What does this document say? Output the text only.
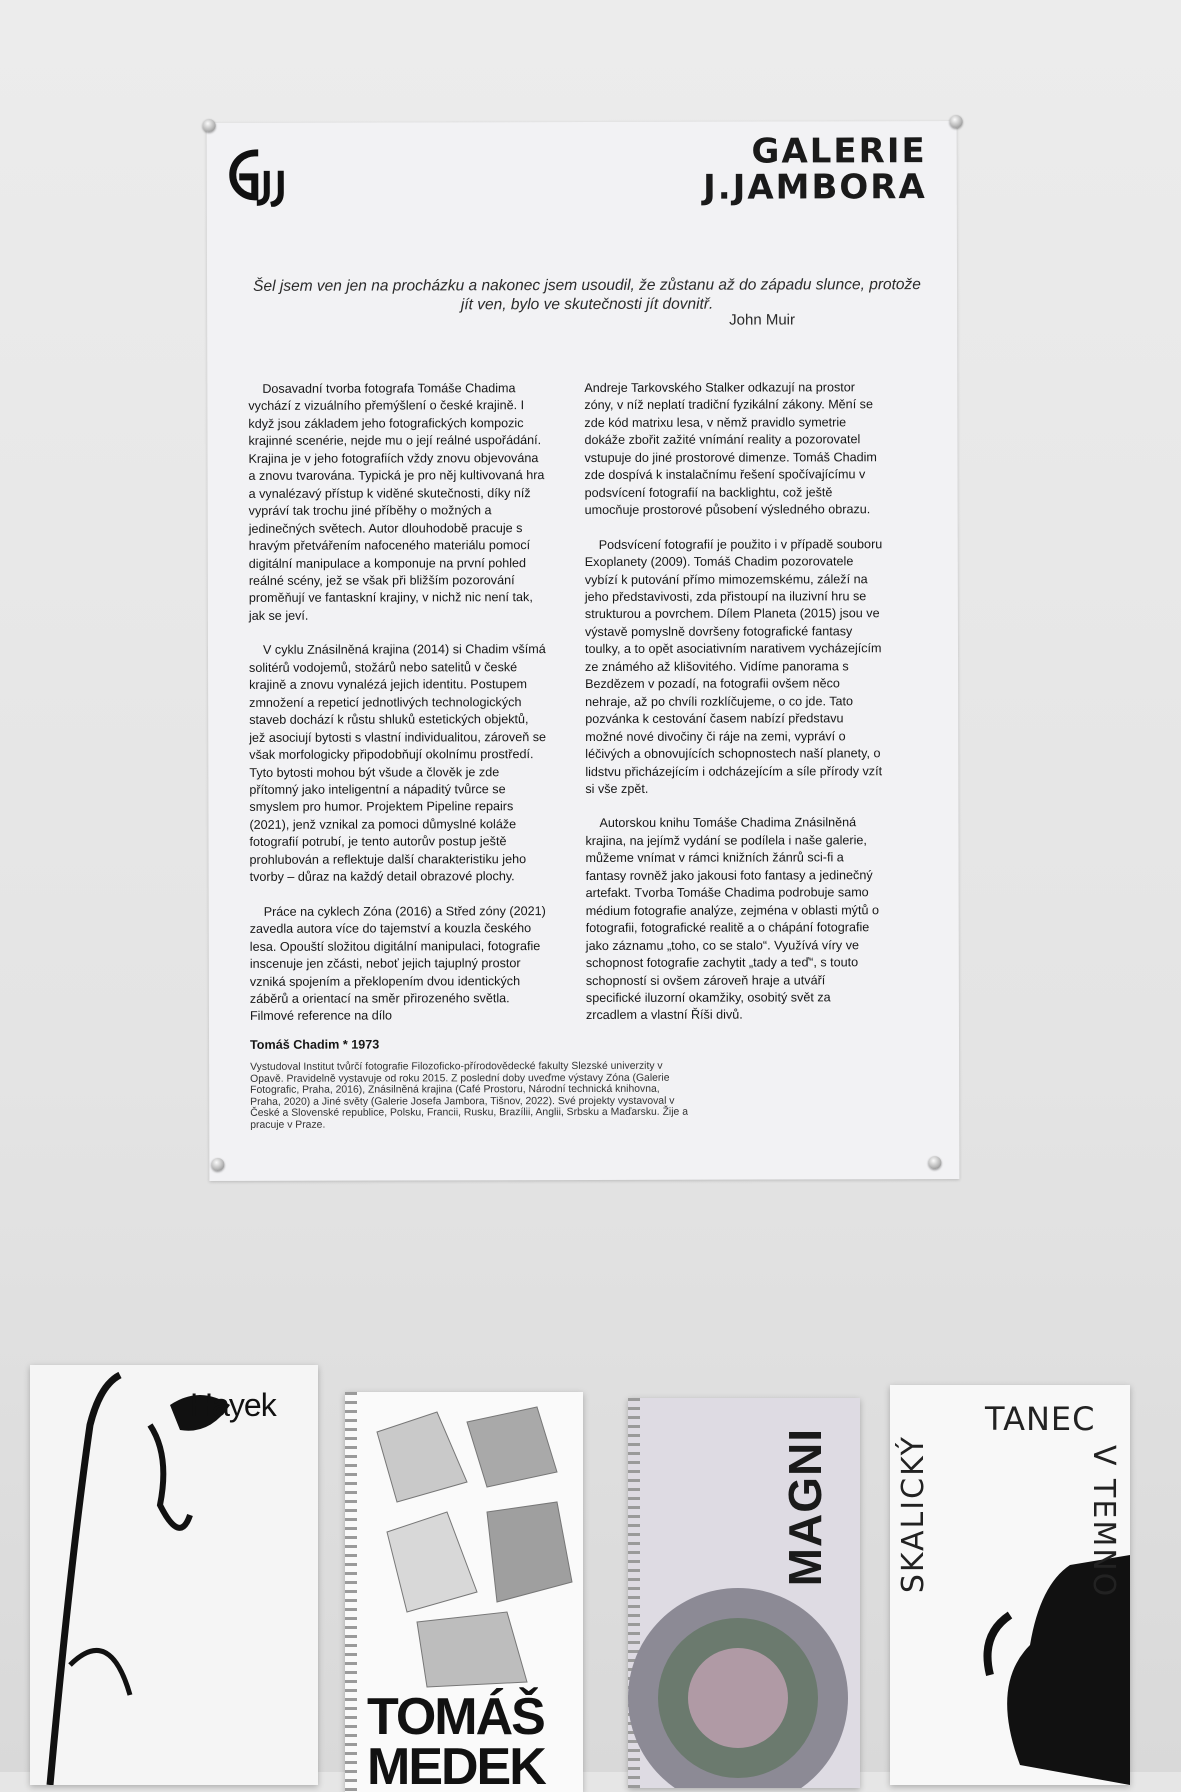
GALERIE
J.JAMBORA
Šel jsem ven jen na procházku a nakonec jsem usoudil, že zůstanu až do západu slunce, protože jít ven, bylo ve skutečnosti jít dovnitř.
John Muir

Dosavadní tvorba fotografa Tomáše Chadima vychází z vizuálního přemýšlení o české krajině. I když jsou základem jeho fotografických kompozic krajinné scenérie, nejde mu o její reálné uspořádání. Krajina je v jeho fotografiích vždy znovu objevována a znovu tvarována. Typická je pro něj kultivovaná hra a vynalézavý přístup k viděné skutečnosti, díky níž vypráví tak trochu jiné příběhy o možných a jedinečných světech. Autor dlouhodobě pracuje s hravým přetvářením nafoceného materiálu pomocí digitální manipulace a komponuje na první pohled reálné scény, jež se však při bližším pozorování proměňují ve fantaskní krajiny, v nichž nic není tak, jak se jeví.

V cyklu Znásilněná krajina (2014) si Chadim všímá solitérů vodojemů, stožárů nebo satelitů v české krajině a znovu vynalézá jejich identitu. Postupem zmnožení a repeticí jednotlivých technologických staveb dochází k růstu shluků estetických objektů, jež asociují bytosti s vlastní individualitou, zároveň se však morfologicky připodobňují okolnímu prostředí. Tyto bytosti mohou být všude a člověk je zde přítomný jako inteligentní a nápaditý tvůrce se smyslem pro humor. Projektem Pipeline repairs (2021), jenž vznikal za pomoci důmyslné koláže fotografií potrubí, je tento autorův postup ještě prohlubován a reflektuje další charakteristiku jeho tvorby – důraz na každý detail obrazové plochy.

Práce na cyklech Zóna (2016) a Střed zóny (2021) zavedla autora více do tajemství a kouzla českého lesa. Opouští složitou digitální manipulaci, fotografie inscenuje jen zčásti, neboť jejich tajuplný prostor vzniká spojením a překlopením dvou identických záběrů a orientací na směr přirozeného světla. Filmové reference na dílo

Andreje Tarkovského Stalker odkazují na prostor zóny, v níž neplatí tradiční fyzikální zákony. Mění se zde kód matrixu lesa, v němž pravidlo symetrie dokáže zbořit zažité vnímání reality a pozorovatel vstupuje do jiné prostorové dimenze. Tomáš Chadim zde dospívá k instalačnímu řešení spočívajícímu v podsvícení fotografií na backlightu, což ještě umocňuje prostorové působení výsledného obrazu.

Podsvícení fotografií je použito i v případě souboru Exoplanety (2009). Tomáš Chadim pozorovatele vybízí k putování přímo mimozemskému, záleží na jeho představivosti, zda přistoupí na iluzivní hru se strukturou a povrchem. Dílem Planeta (2015) jsou ve výstavě pomyslně dovršeny fotografické fantasy toulky, a to opět asociativním narativem vycházejícím ze známého až klišovitého. Vidíme panorama s Bezdězem v pozadí, na fotografii ovšem něco nehraje, až po chvíli rozklíčujeme, o co jde. Tato pozvánka k cestování časem nabízí představu možné nové divočiny či ráje na zemi, vypráví o léčivých a obnovujících schopnostech naší planety, o lidstvu přicházejícím i odcházejícím a síle přírody vzít si vše zpět.

Autorskou knihu Tomáše Chadima Znásilněná krajina, na jejímž vydání se podílela i naše galerie, můžeme vnímat v rámci knižních žánrů sci-fi a fantasy rovněž jako jakousi foto fantasy a jedinečný artefakt. Tvorba Tomáše Chadima podrobuje samo médium fotografie analýze, zejména v oblasti mýtů o fotografii, fotografické realitě a o chápání fotografie jako záznamu „toho, co se stalo“. Využívá víry ve schopnost fotografie zachytit „tady a teď“, s touto schopností si ovšem zároveň hraje a utváří specifické iluzorní okamžiky, osobitý svět za zrcadlem a vlastní Říši divů.

Tomáš Chadim * 1973
Vystudoval Institut tvůrčí fotografie Filozoficko-přírodovědecké fakulty Slezské univerzity v Opavě. Pravidelně vystavuje od roku 2015. Z poslední doby uveďme výstavy Zóna (Galerie Fotografic, Praha, 2016), Znásilněná krajina (Café Prostoru, Národní technická knihovna, Praha, 2020) a Jiné světy (Galerie Josefa Jambora, Tišnov, 2022). Své projekty vystavoval v České a Slovenské republice, Polsku, Francii, Rusku, Brazílii, Anglii, Srbsku a Maďarsku. Žije a pracuje v Praze.
Hayek
TOMÁŠ MEDEK
MAGNI
TANEC
SKALICKÝ	V TEMNO
